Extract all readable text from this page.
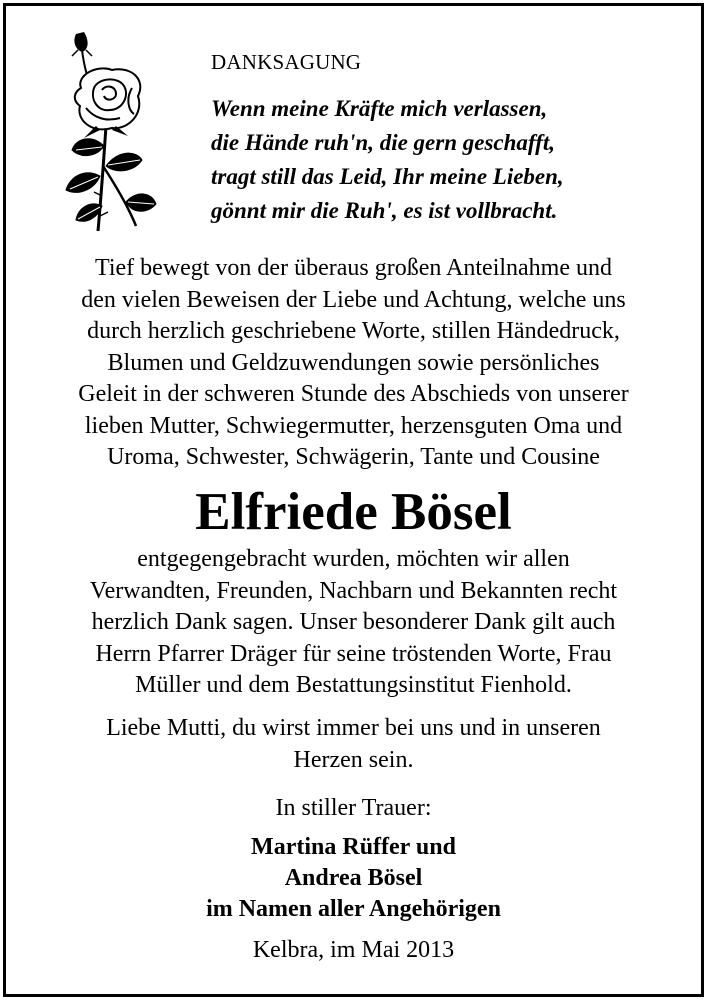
DANKSAGUNG
Wenn meine Kräfte mich verlassen,
die Hände ruh'n, die gern geschafft,
tragt still das Leid, Ihr meine Lieben,
gönnt mir die Ruh', es ist vollbracht.
Tief bewegt von der überaus großen Anteilnahme und
den vielen Beweisen der Liebe und Achtung, welche uns
durch herzlich geschriebene Worte, stillen Händedruck,
Blumen und Geldzuwendungen sowie persönliches
Geleit in der schweren Stunde des Abschieds von unserer
lieben Mutter, Schwiegermutter, herzensguten Oma und
Uroma, Schwester, Schwägerin, Tante und Cousine
Elfriede Bösel
entgegengebracht wurden, möchten wir allen
Verwandten, Freunden, Nachbarn und Bekannten recht
herzlich Dank sagen. Unser besonderer Dank gilt auch
Herrn Pfarrer Dräger für seine tröstenden Worte, Frau
Müller und dem Bestattungsinstitut Fienhold.
Liebe Mutti, du wirst immer bei uns und in unseren
Herzen sein.
In stiller Trauer:
Martina Rüffer und
Andrea Bösel
im Namen aller Angehörigen
Kelbra, im Mai 2013
